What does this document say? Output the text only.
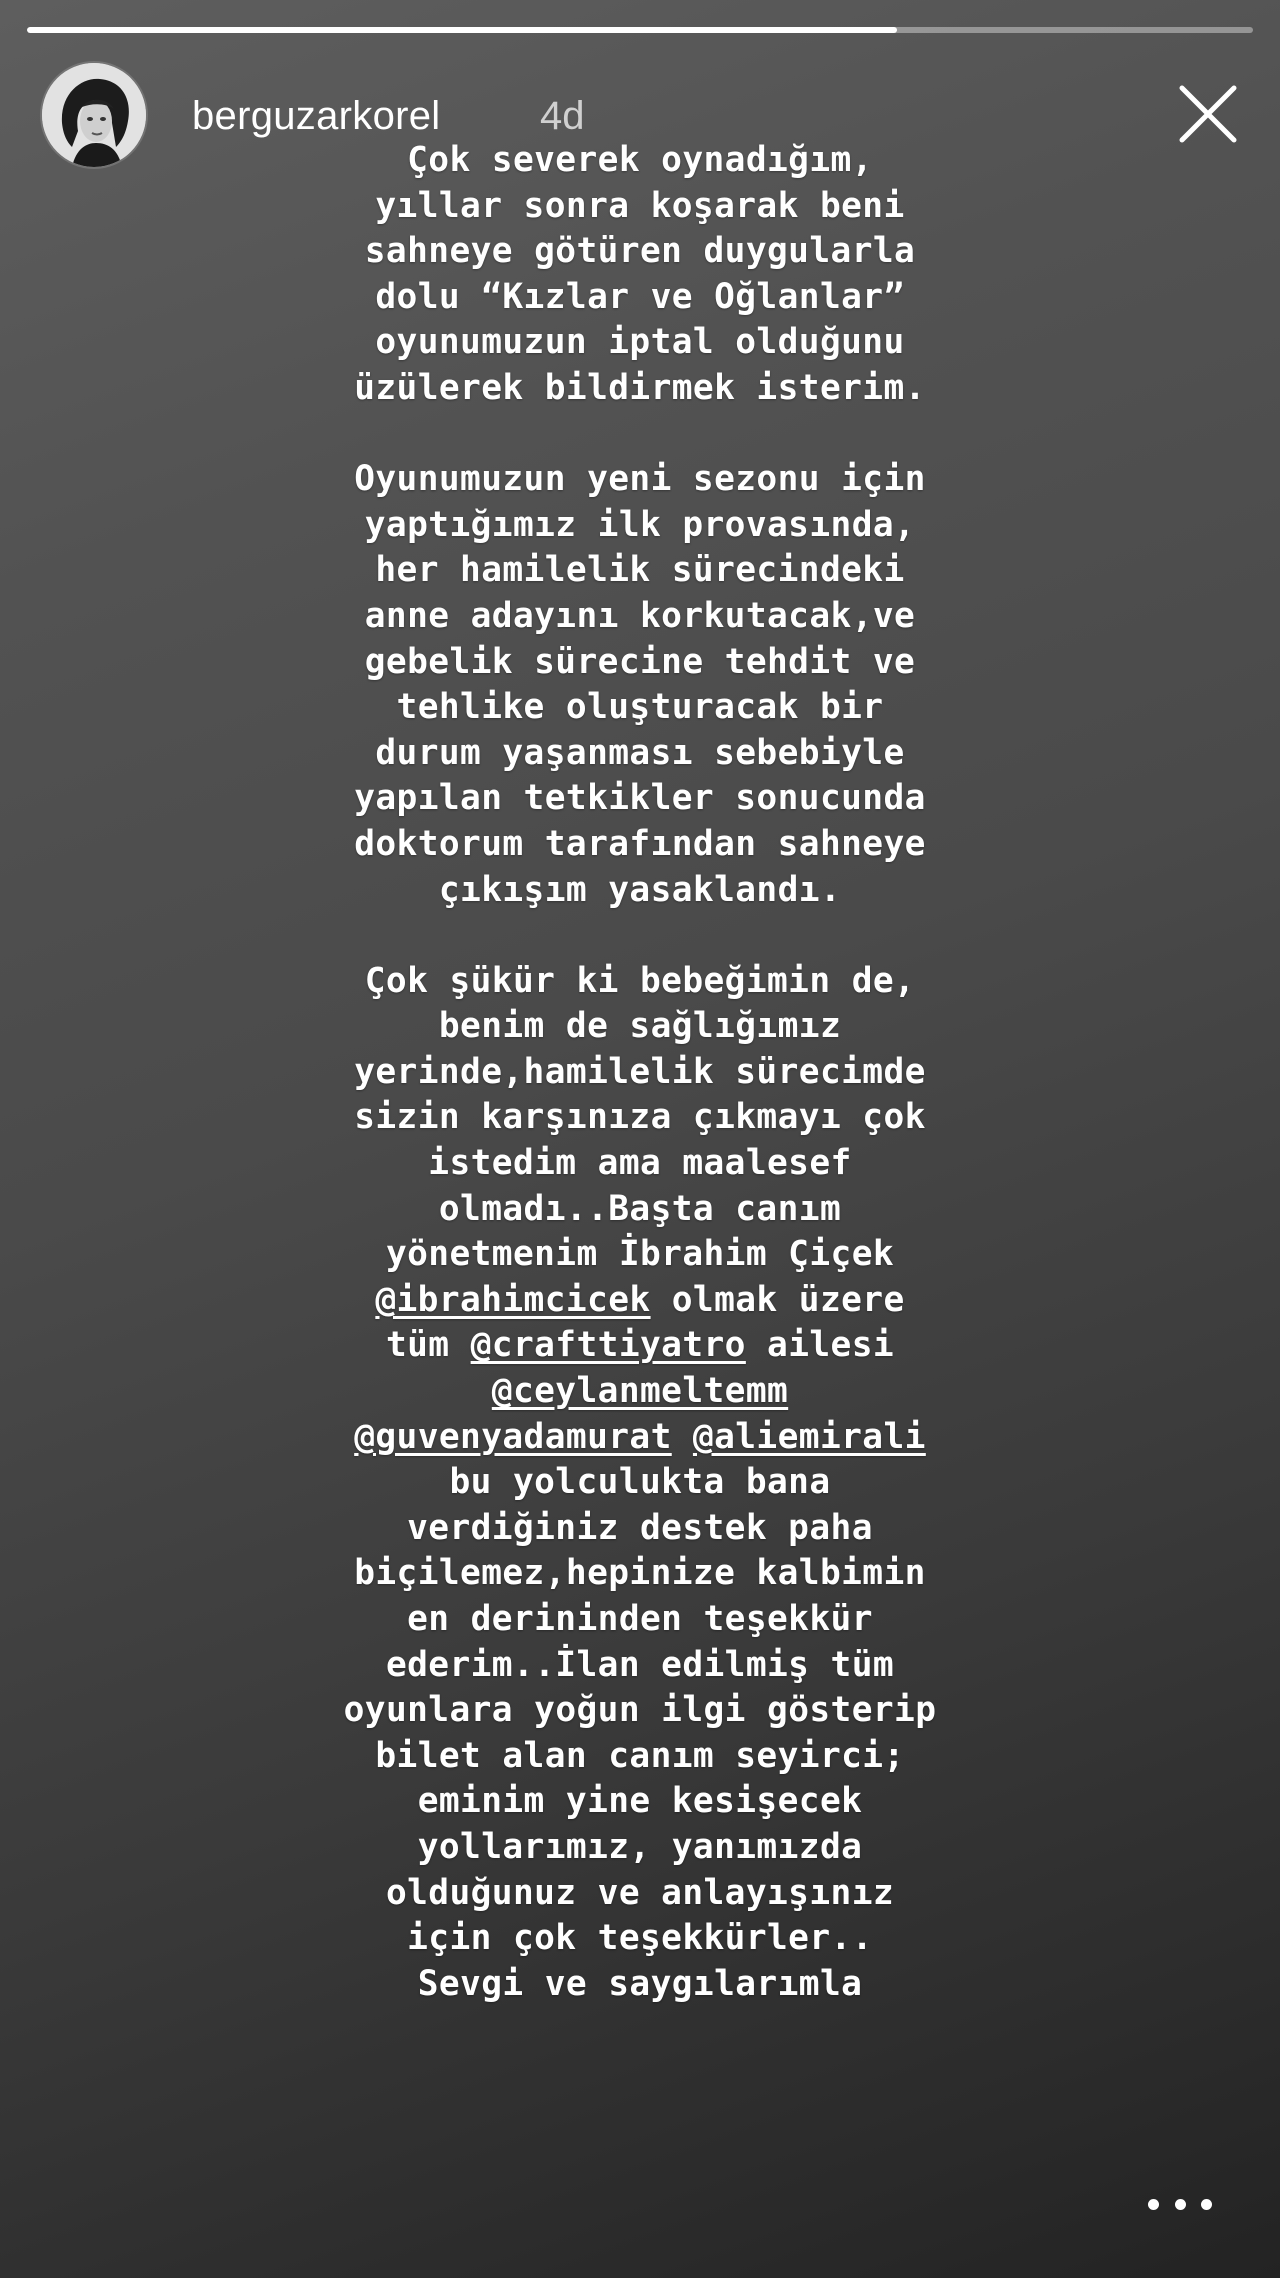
berguzarkorel 4d
Çok severek oynadığım,
yıllar sonra koşarak beni
sahneye götüren duygularla
dolu “Kızlar ve Oğlanlar”
oyunumuzun iptal olduğunu
üzülerek bildirmek isterim.
Oyunumuzun yeni sezonu için
yaptığımız ilk provasında,
her hamilelik sürecindeki
anne adayını korkutacak,ve
gebelik sürecine tehdit ve
tehlike oluşturacak bir
durum yaşanması sebebiyle
yapılan tetkikler sonucunda
doktorum tarafından sahneye
çıkışım yasaklandı.
Çok şükür ki bebeğimin de,
benim de sağlığımız
yerinde,hamilelik sürecimde
sizin karşınıza çıkmayı çok
istedim ama maalesef
olmadı..Başta canım
yönetmenim İbrahim Çiçek
@ibrahimcicek olmak üzere
tüm @crafttiyatro ailesi
@ceylanmeltemm
@guvenyadamurat @aliemirali
bu yolculukta bana
verdiğiniz destek paha
biçilemez,hepinize kalbimin
en derininden teşekkür
ederim..İlan edilmiş tüm
oyunlara yoğun ilgi gösterip
bilet alan canım seyirci;
eminim yine kesişecek
yollarımız, yanımızda
olduğunuz ve anlayışınız
için çok teşekkürler..
Sevgi ve saygılarımla
